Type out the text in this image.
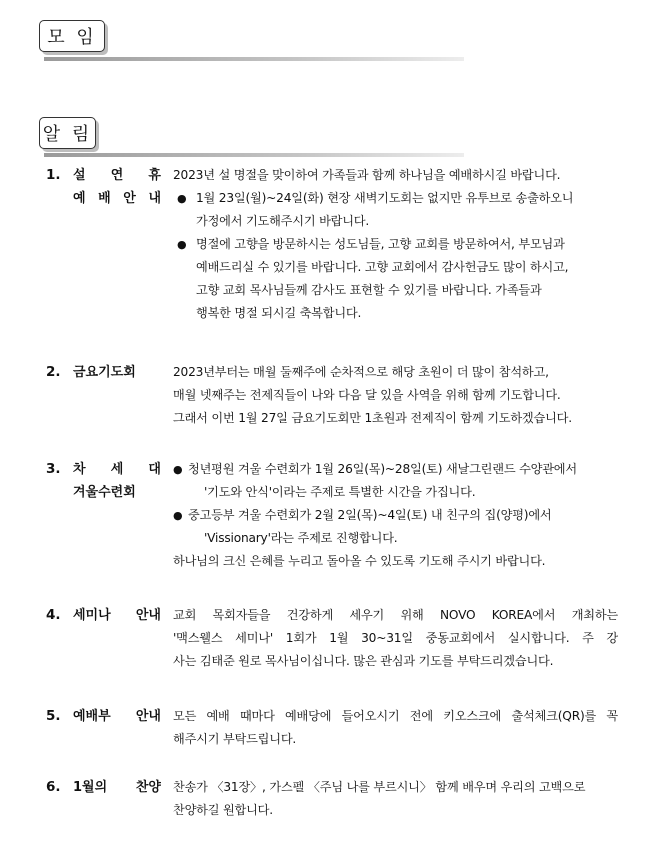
모 임
알 림
1. 설 연 휴
예 배 안 내
2023년 설 명절을 맞이하여 가족들과 함께 하나님을 예배하시길 바랍니다.
● 1월 23일(월)~24일(화) 현장 새벽기도회는 없지만 유투브로 송출하오니
가정에서 기도해주시기 바랍니다.
● 명절에 고향을 방문하시는 성도님들, 고향 교회를 방문하여서, 부모님과
예배드리실 수 있기를 바랍니다. 고향 교회에서 감사헌금도 많이 하시고,
고향 교회 목사님들께 감사도 표현할 수 있기를 바랍니다. 가족들과
행복한 명절 되시길 축복합니다.
2. 금요기도회	2023년부터는 매월 둘째주에 순차적으로 해당 초원이 더 많이 참석하고,
매월 넷째주는 전제직들이 나와 다음 달 있을 사역을 위해 함께 기도합니다.
그래서 이번 1월 27일 금요기도회만 1초원과 전제직이 함께 기도하겠습니다.
3. 차 세 대
겨울수련회
● 청년평원 겨울 수련회가 1월 26일(목)~28일(토) 새날그린랜드 수양관에서
'기도와 안식'이라는 주제로 특별한 시간을 가집니다.
● 중고등부 겨울 수련회가 2월 2일(목)~4일(토) 내 친구의 집(양평)에서
'Vissionary'라는 주제로 진행합니다.
하나님의 크신 은혜를 누리고 돌아올 수 있도록 기도해 주시기 바랍니다.
4. 세미나 안내 교회 목회자들을 건강하게 세우기 위해 NOVO KOREA에서 개최하는
'맥스웰스 세미나' 1회가 1월 30~31일 중동교회에서 실시합니다. 주 강
사는 김태준 원로 목사님이십니다. 많은 관심과 기도를 부탁드리겠습니다.
5. 예배부 안내 모든 예배 때마다 예배당에 들어오시기 전에 키오스크에 출석체크(QR)를 꼭
해주시기 부탁드립니다.
6. 1월의 찬양 찬송가 〈31장〉, 가스펠 〈주님 나를 부르시니〉 함께 배우며 우리의 고백으로
찬양하길 원합니다.
